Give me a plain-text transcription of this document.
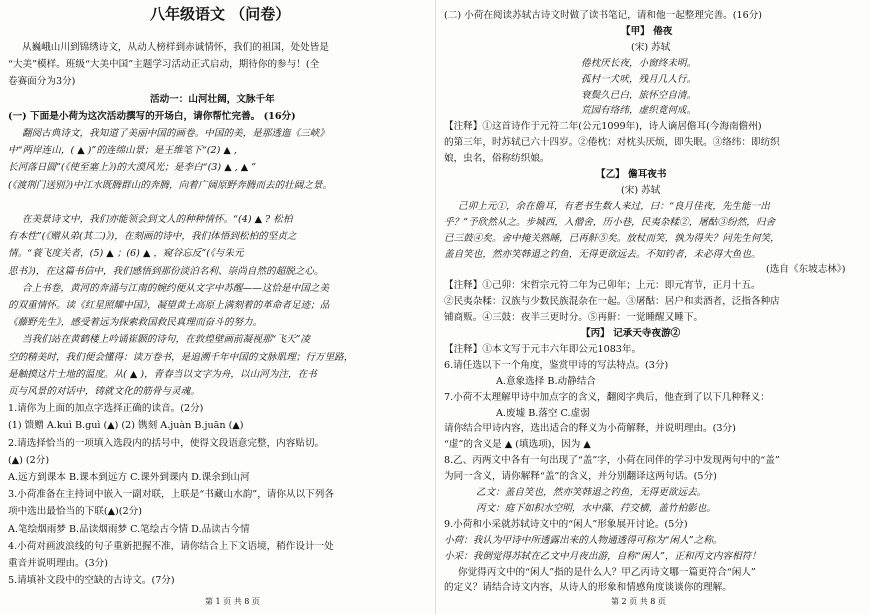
八年级语文 （问卷）
从巍峨山川到锦绣诗文，从动人榜样到赤诚情怀，我们的祖国，处处皆是
“大美”模样。班级“大美中国”主题学习活动正式启动，期待你的参与！(全
卷赛面分为3分)
活动一：山河壮阔，文脉千年
(一) 下面是小荷为这次活动撰写的开场白，请你帮忙完善。 (16分)
翻阅古典诗文，我知道了美丽中国的画卷。中国的美，是那透迤《三峡》
中“两岸连山，( ▲ )”的连绵山景；是王维笔下“(2) ▲ ,
长河落日圆”(《使至塞上》)的大漠风光；是李白“(3) ▲ , ▲ ”
(《渡荆门送别》)中江水既腾群山的奔腾，向着广阔原野奔腾而去的壮阔之景。
在美景诗文中，我们亦能领会到文人的种种情怀。“(4) ▲ ? 松柏
有本性”(《赠从弟(其二)》)，在刻画的诗中，我们体悟到松柏的坚贞之
情。“蓑飞度关者，(5) ▲ ；(6) ▲ ，窥谷忘反”(《与朱元
思书》)，在这篇书信中，我们感悟到那份淡泊名利、崇尚自然的超脱之心。
合上书卷，黄河的奔涌与江南的婉约便从文字中苏醒——这恰是中国之美
的双重情怀。读《红星照耀中国》，凝望黄土高原上满刻着的革命者足迹；品
《藤野先生》，感受着远为探索救国救民真理而奋斗的努力。
当我们站在黄鹤楼上吟诵崔颢的诗句，在敦煌壁画前凝视那“飞天”凌
空的精美时，我们便会懂得：读万卷书，是追溯千年中国的文脉肌理；行万里路，
是触摸这片土地的温度。从( ▲ )，青春当以文字为舟，以山河为注，在书
页与风景的对话中，铸就文化的筋骨与灵魂。
1.请你为上面的加点字选择正确的读音。(2分)
(1) 馈赠 A.kuì B.guì (▲) (2) 镌刻 A.juàn B.juān (▲)
2.请选择恰当的一项填入选段内的括号中，使得文段语意完整，内容贴切。
(▲) (2分)
A.远方到课本 B.课本到远方 C.课外到课内 D.课余到山河
3.小荷准备在主持词中嵌入一副对联，上联是“书藏山水韵”，请你从以下列各
项中选出最恰当的下联(▲)(2分)
A.笔绘烟雨梦 B.品读烟雨梦 C.笔绘古今情 D.品读古今情
4.小荷对画波浪线的句子重新把握不准，请你结合上下文语境，稍作设计一处
重音并说明理由。(3分)
5.请填补文段中的空缺的古诗文。(7分)
第 1 页 共 8 页
(二) 小荷在阅读苏轼古诗文时做了读书笔记，请和他一起整理完善。(16分)
【甲】 倦夜
(宋) 苏轼
倦枕厌长夜，小窗终未明。
孤村一犬吠，残月几人行。
衰鬓久已白，旅怀空自清。
荒园有络纬，虚织竟何成。
【注释】①这首诗作于元符二年(公元1099年)，诗人谪居儋耳(今海南儋州)
的第三年，时苏轼已六十四岁。②倦枕：对枕头厌烦，即失眠。③络纬：即纺织
娘，虫名，俗称纺织娘。
【乙】 儋耳夜书
(宋) 苏轼
己卯上元①，余在儋耳，有老书生数人来过，曰：“良月佳夜，先生能一出
乎？”予欣然从之。步城西，入僧舍，历小巷，民夷杂糅②，屠酤③纷然，归舍
已三鼓④矣。舍中掩关熟睡，已再鼾⑤矣。放杖而笑，孰为得失？问先生何笑，
盖自笑也，然亦笑韩退之钓鱼，无得更欲远去。不知钓者，未必得大鱼也。
(选自《东坡志林》)
【注释】①己卯：宋哲宗元符二年为己卯年；上元：即元宵节，正月十五。
②民夷杂糅：汉族与少数民族混杂在一起。③屠酤：居户和卖酒者，泛指各种店
铺商贩。④三鼓：夜半三更时分。⑤再鼾：一觉睡醒又睡下。
【丙】 记承天寺夜游②
【注释】①本文写于元丰六年即公元1083年。
6.请任选以下一个角度，鉴赏甲诗的写法特点。(3分)
A.意象选择 B.动静结合
7.小荷不太理解甲诗中加点字的含义，翻阅字典后，他查到了以下几种释义：
A.废墟 B.落空 C.虚弱
请你结合甲诗内容，选出适合的释义为小荷解释，并说明理由。(3分)
“虚”的含义是 ▲ (填选项)，因为 ▲
8.乙、丙两文中各有一句出现了“盖”字，小荷在同伴的学习中发现两句中的“盖”
为同一含义，请你解释“盖”的含义，并分别翻译这两句话。(5分)
乙文：盖自笑也，然亦笑韩退之钓鱼，无得更欲远去。
丙文：庭下如积水空明，水中藻、荇交横，盖竹柏影也。
9.小荷和小采就苏轼诗文中的“闲人”形象展开讨论。(5分)
小荷：我认为甲诗中所透露出来的人物通透得可称为“闲人”之称。
小采：我倒觉得苏轼在乙文中月夜出游，自称“闲人”，正和丙文内容相符！
你觉得丙文中的“闲人”指的是什么人？甲乙丙诗文哪一篇更符合“闲人”
的定义？请结合诗文内容，从诗人的形象和情感角度谈谈你的理解。
第 2 页 共 8 页
